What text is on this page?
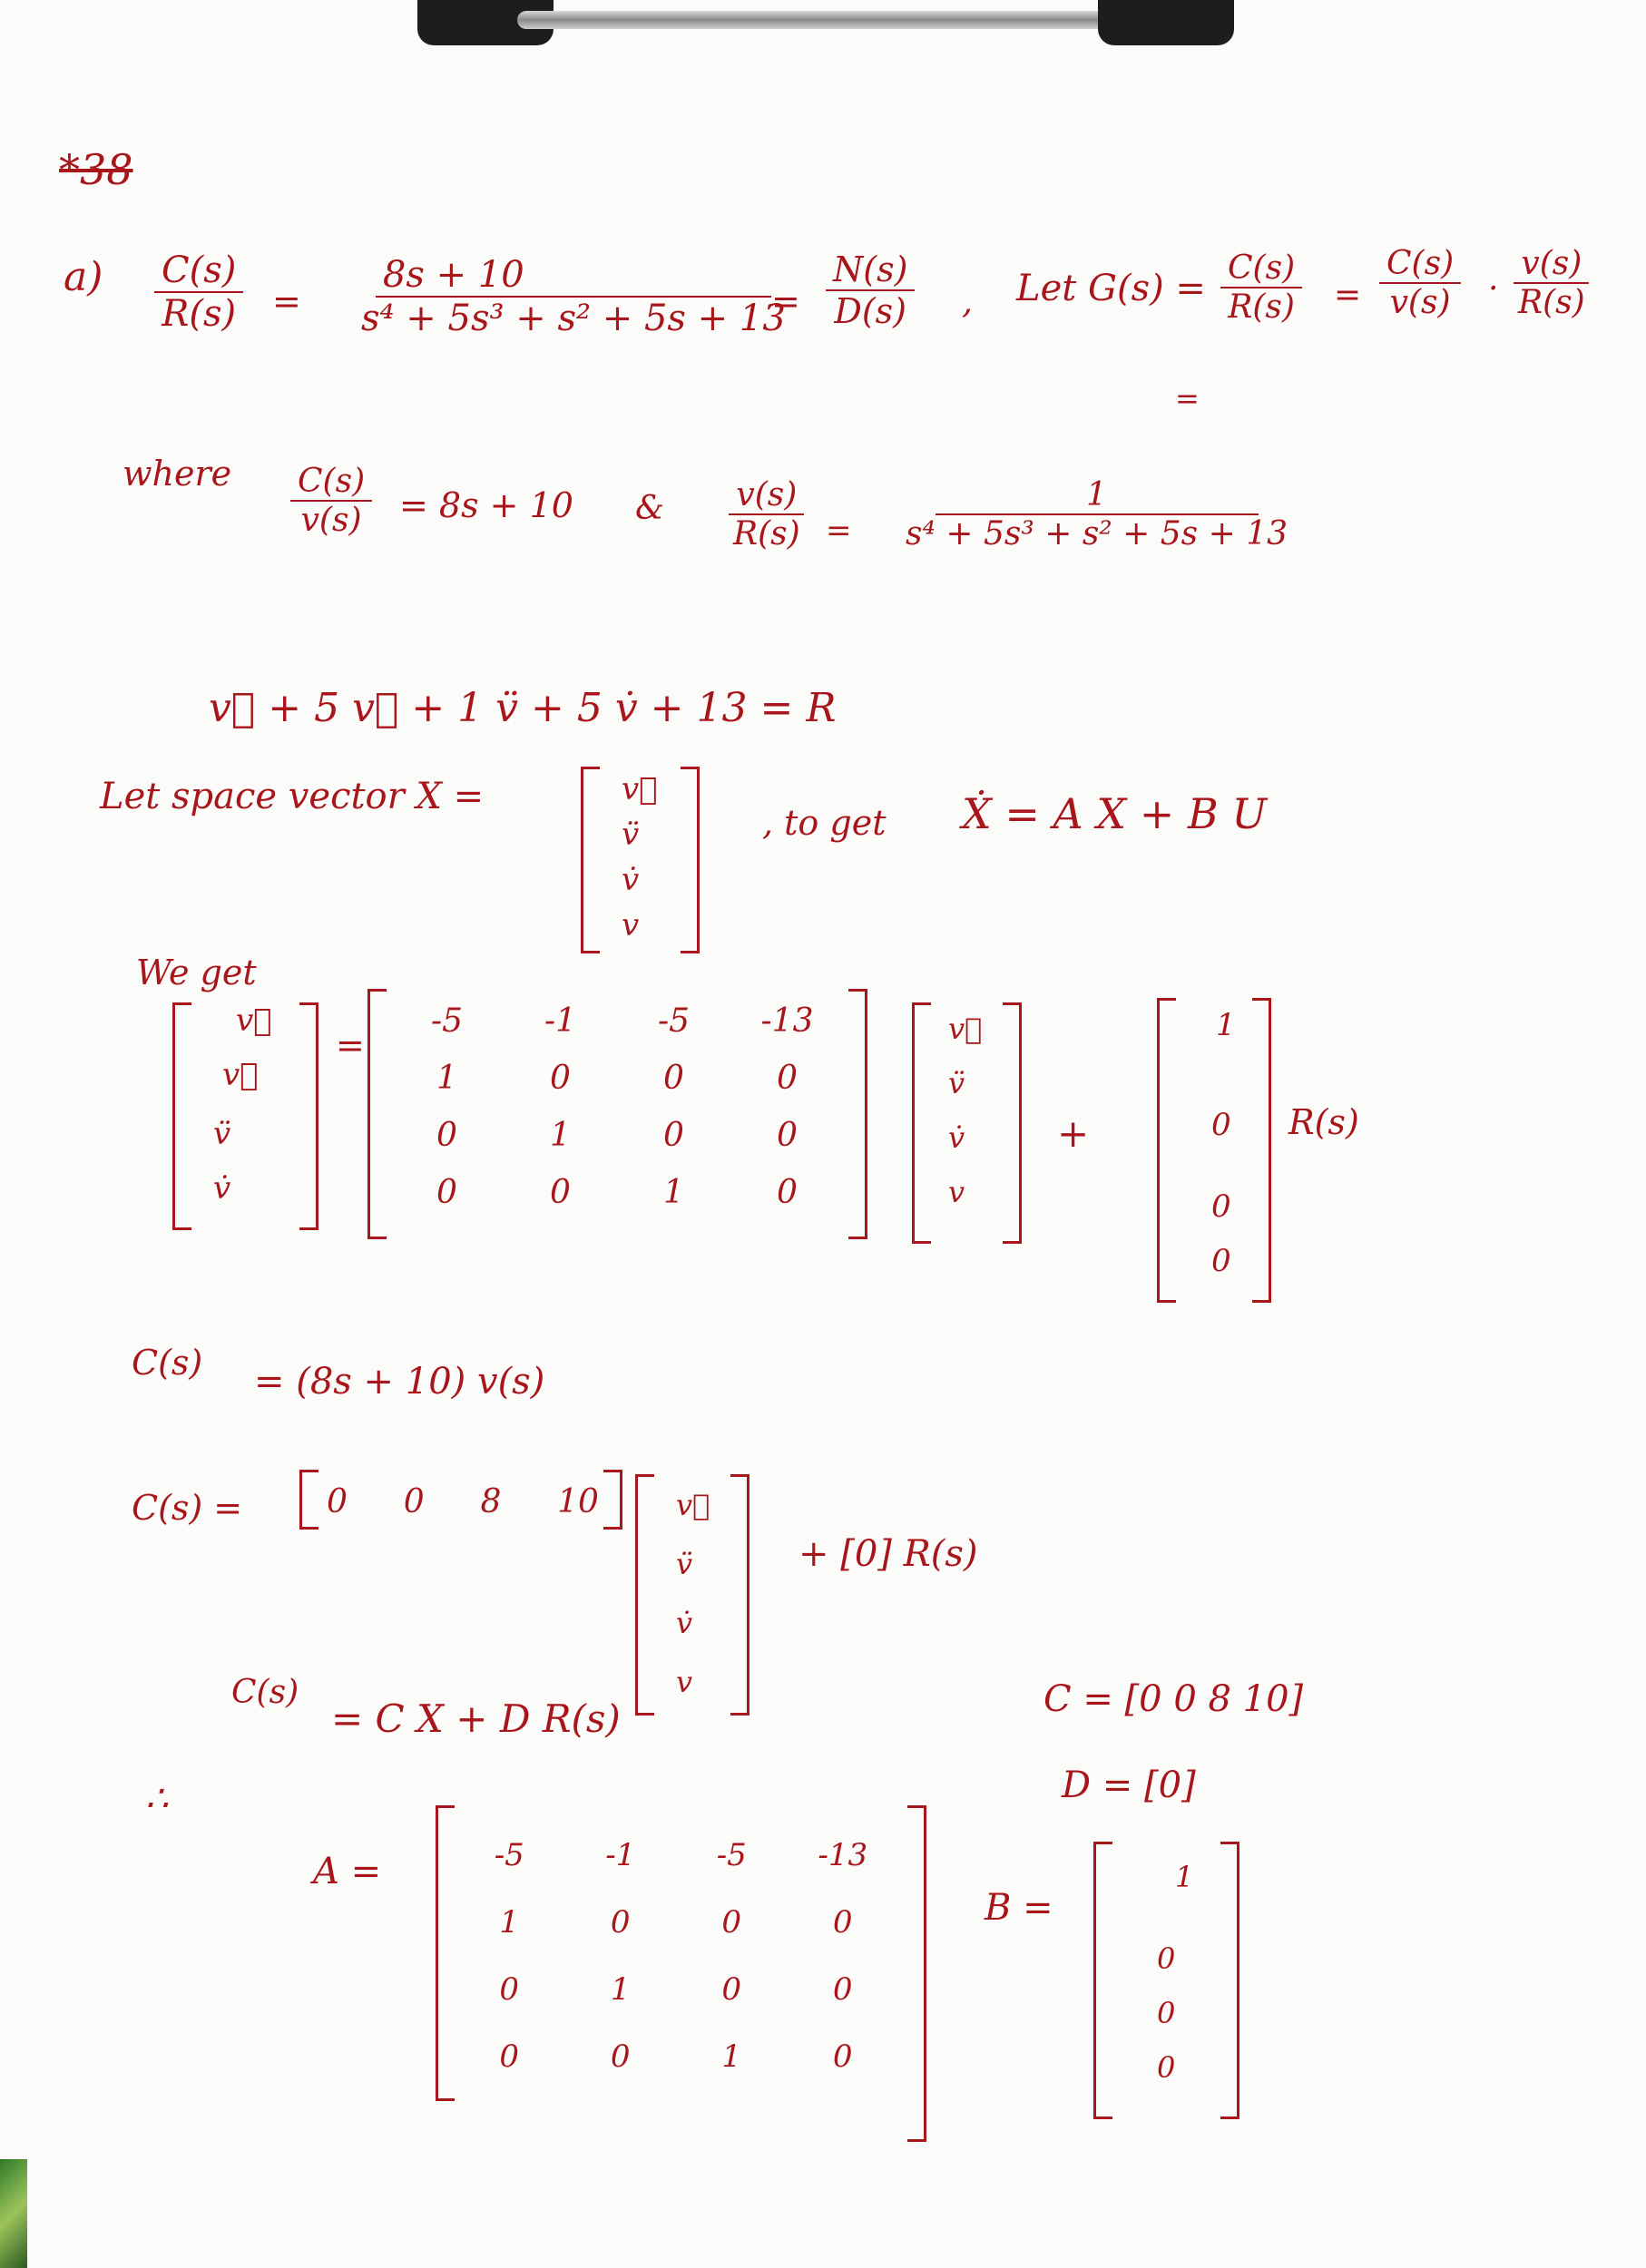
*38
$a) \frac{C(s)}{R(s)} = \frac{8s + 10}{\text{s⁴ + 5s³ + s² + 5s + 13}}$
= $\frac{N(s)}{D(s)}$ , Let $G(s) = \frac{C(s)}{R(s)} = \frac{C(s)}{v(s)} \cdot \frac{v(s)}{R(s)}$
=
where $\frac{C(s)}{v(s)} = 8s + 10$ & $\frac{v(s)}{R(s)} = \frac{1}{\text{s⁴ + 5s³ + s² + 5s + 13}}$
v⃜ + 5 v⃛ + 1 v̈ + 5 v̇ + 13 = R
Let space vector X =	v⃛
v̈
v̇
v
, to get Ẋ = A X + B U
We get
v⃜
v⃛
v̈
v̇
=
-5	-1	-5	-13
1	0	0	0
0	1	0	0
0	0	1	0
v⃛
v̈
v̇
v
+
1
0
0
0
R(s)
C(s) = (8s + 10) v(s)
C(s) =	0 0 8 10	v⃛
v̈
v̇
v
+ [0] R(s)
C(s)
= C X + D R(s)	C = [0 0 8 10]
D = [0]
∴
A =	-5	-1	-5	-13
1	0	0	0
0	1	0	0
0	0	1	0
B =
1
0
0
0
